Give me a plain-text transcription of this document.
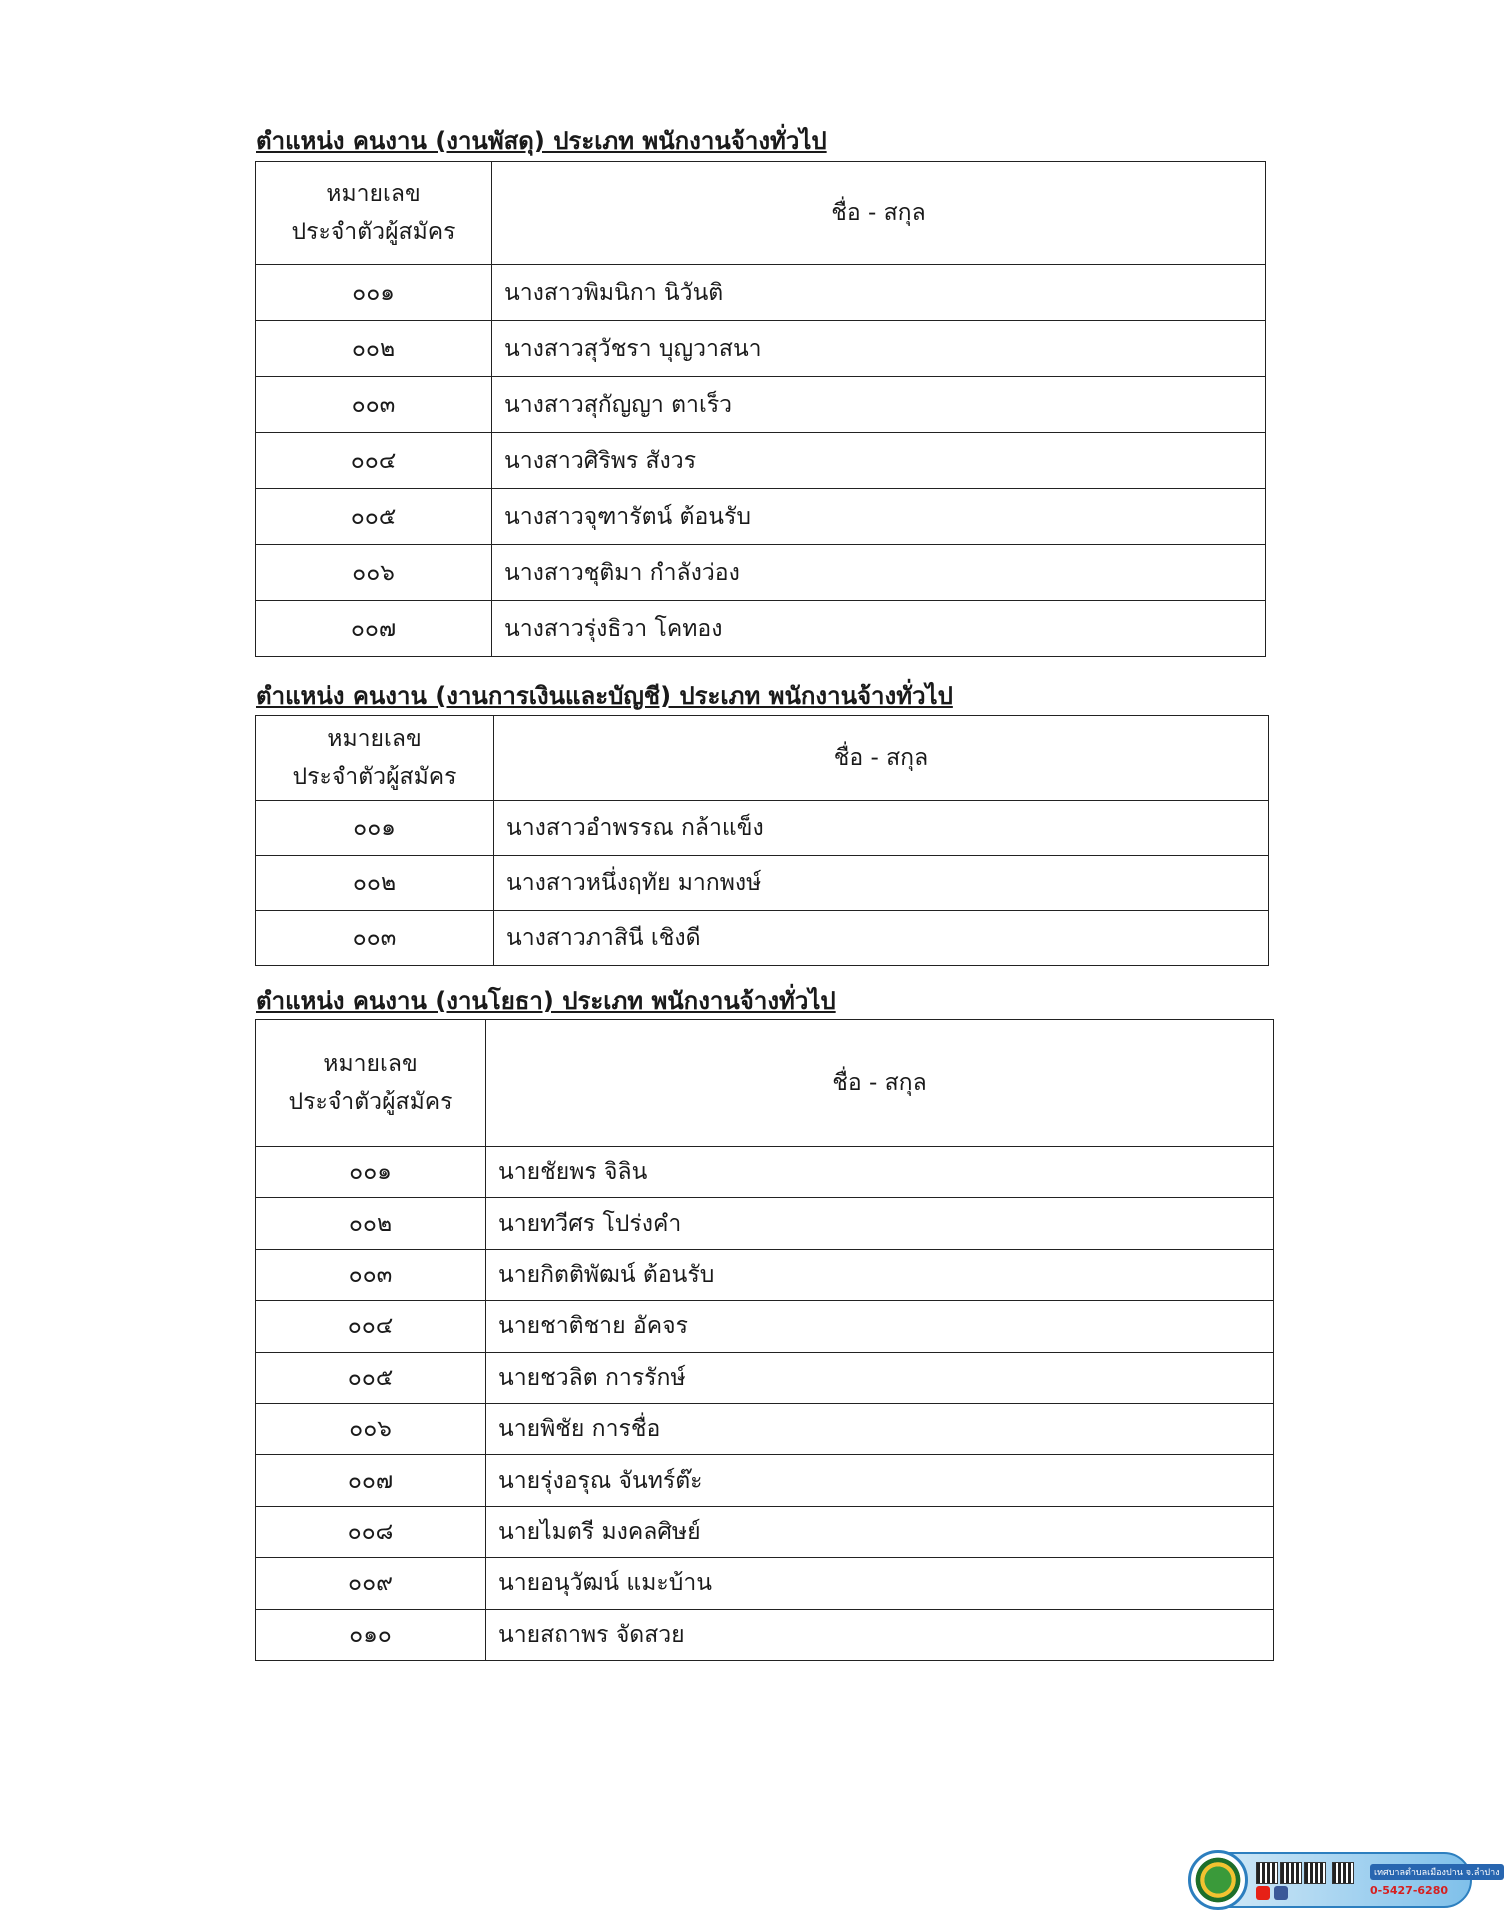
ตำแหน่ง คนงาน (งานพัสดุ) ประเภท พนักงานจ้างทั่วไป
หมายเลข
ประจำตัวผู้สมัคร	ชื่อ - สกุล
๐๐๑	นางสาวพิมนิกา นิวันติ
๐๐๒	นางสาวสุวัชรา บุญวาสนา
๐๐๓	นางสาวสุกัญญา ตาเร็ว
๐๐๔	นางสาวศิริพร สังวร
๐๐๕	นางสาวจุฑารัตน์ ต้อนรับ
๐๐๖	นางสาวชุติมา กำลังว่อง
๐๐๗	นางสาวรุ่งธิวา โคทอง
ตำแหน่ง คนงาน (งานการเงินและบัญชี) ประเภท พนักงานจ้างทั่วไป
หมายเลข
ประจำตัวผู้สมัคร	ชื่อ - สกุล
๐๐๑	นางสาวอำพรรณ กล้าแข็ง
๐๐๒	นางสาวหนึ่งฤทัย มากพงษ์
๐๐๓	นางสาวภาสินี เชิงดี
ตำแหน่ง คนงาน (งานโยธา) ประเภท พนักงานจ้างทั่วไป
หมายเลข
ประจำตัวผู้สมัคร	ชื่อ - สกุล
๐๐๑	นายชัยพร จิลิน
๐๐๒	นายทวีศร โปร่งคำ
๐๐๓	นายกิตติพัฒน์ ต้อนรับ
๐๐๔	นายชาติชาย อัคจร
๐๐๕	นายชวลิต การรักษ์
๐๐๖	นายพิชัย การชื่อ
๐๐๗	นายรุ่งอรุณ จันทร์ต๊ะ
๐๐๘	นายไมตรี มงคลศิษย์
๐๐๙	นายอนุวัฒน์ แมะบ้าน
๐๑๐	นายสถาพร จัดสวย
เทศบาลตำบลเมืองปาน จ.ลำปาง
0-5427-6280
